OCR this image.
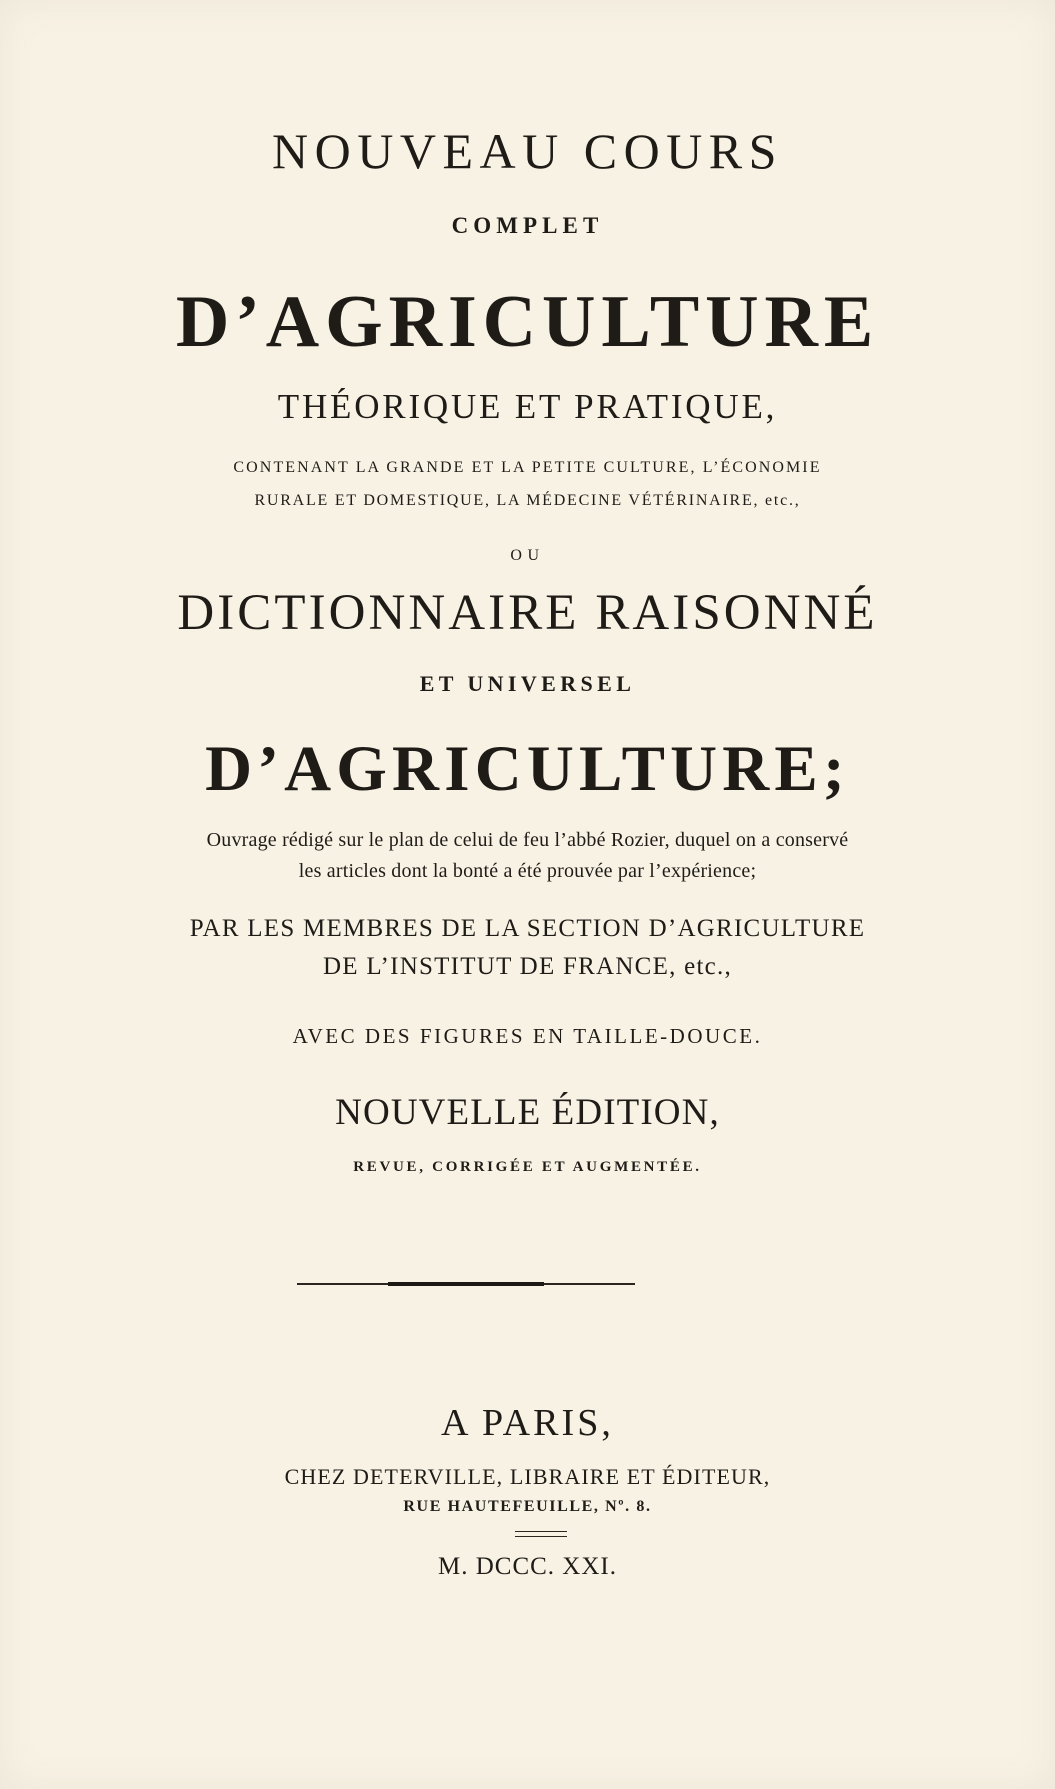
NOUVEAU COURS
COMPLET
D’AGRICULTURE
THÉORIQUE ET PRATIQUE,
CONTENANT LA GRANDE ET LA PETITE CULTURE, L’ÉCONOMIE
RURALE ET DOMESTIQUE, LA MÉDECINE VÉTÉRINAIRE, etc.,
OU
DICTIONNAIRE RAISONNÉ
ET UNIVERSEL
D’AGRICULTURE;
Ouvrage rédigé sur le plan de celui de feu l’abbé Rozier, duquel on a conservé
les articles dont la bonté a été prouvée par l’expérience;
PAR LES MEMBRES DE LA SECTION D’AGRICULTURE
DE L’INSTITUT DE FRANCE, etc.,
AVEC DES FIGURES EN TAILLE-DOUCE.
NOUVELLE ÉDITION,
REVUE, CORRIGÉE ET AUGMENTÉE.
A PARIS,
CHEZ DETERVILLE, LIBRAIRE ET ÉDITEUR,
RUE HAUTEFEUILLE, Nº. 8.
M. DCCC. XXI.
